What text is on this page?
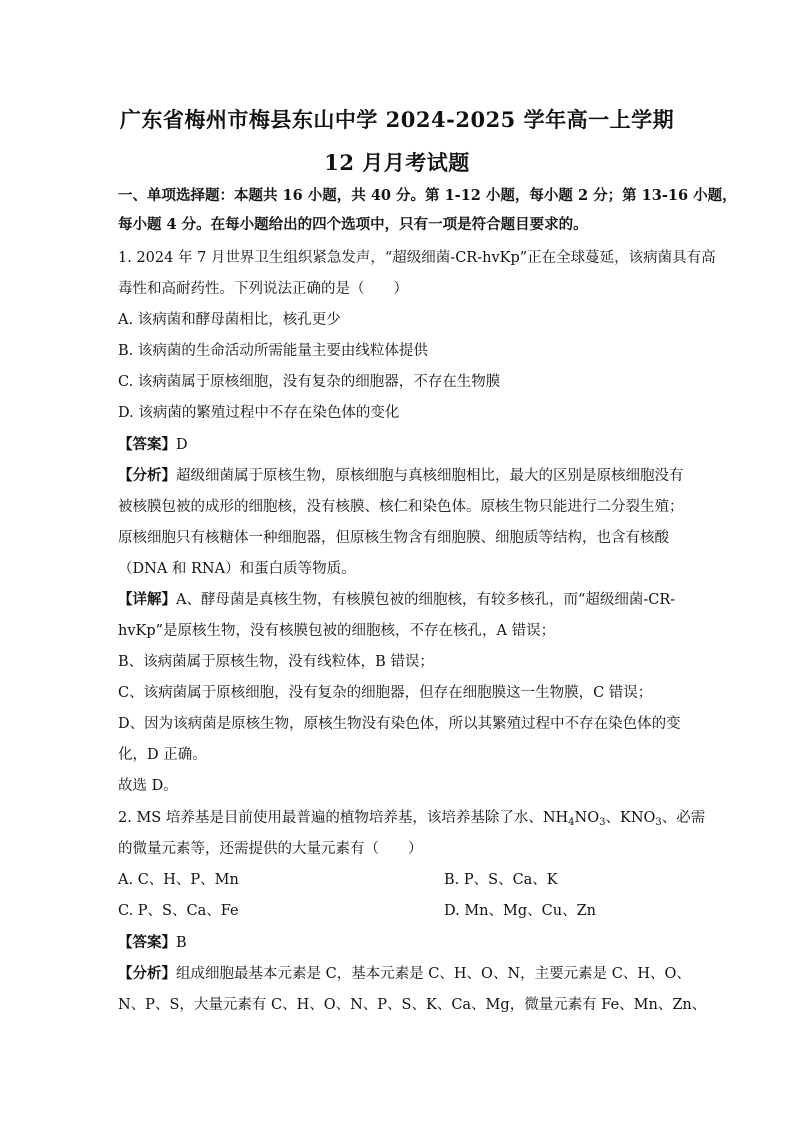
广东省梅州市梅县东山中学 2024-2025 学年高一上学期
12 月月考试题
一、单项选择题：本题共 16 小题，共 40 分。第 1-12 小题，每小题 2 分；第 13-16 小题，
每小题 4 分。在每小题给出的四个选项中，只有一项是符合题目要求的。
1. 2024 年 7 月世界卫生组织紧急发声，“超级细菌-CR-hvKp”正在全球蔓延，该病菌具有高
毒性和高耐药性。下列说法正确的是（　　）
A. 该病菌和酵母菌相比，核孔更少
B. 该病菌的生命活动所需能量主要由线粒体提供
C. 该病菌属于原核细胞，没有复杂的细胞器，不存在生物膜
D. 该病菌的繁殖过程中不存在染色体的变化
【答案】D
【分析】超级细菌属于原核生物，原核细胞与真核细胞相比，最大的区别是原核细胞没有
被核膜包被的成形的细胞核，没有核膜、核仁和染色体。原核生物只能进行二分裂生殖；
原核细胞只有核糖体一种细胞器，但原核生物含有细胞膜、细胞质等结构，也含有核酸
（DNA 和 RNA）和蛋白质等物质。
【详解】A、酵母菌是真核生物，有核膜包被的细胞核，有较多核孔，而“超级细菌-CR-
hvKp”是原核生物，没有核膜包被的细胞核，不存在核孔，A 错误；
B、该病菌属于原核生物，没有线粒体，B 错误；
C、该病菌属于原核细胞，没有复杂的细胞器，但存在细胞膜这一生物膜，C 错误；
D、因为该病菌是原核生物，原核生物没有染色体，所以其繁殖过程中不存在染色体的变
化，D 正确。
故选 D。
2. MS 培养基是目前使用最普遍的植物培养基，该培养基除了水、$NH_4NO_3$、$KNO_3$、必需
的微量元素等，还需提供的大量元素有（　　）
A. C、H、P、Mn	B. P、S、Ca、K
C. P、S、Ca、Fe	D. Mn、Mg、Cu、Zn
【答案】B
【分析】组成细胞最基本元素是 C，基本元素是 C、H、O、N，主要元素是 C、H、O、
N、P、S，大量元素有 C、H、O、N、P、S、K、Ca、Mg，微量元素有 Fe、Mn、Zn、
